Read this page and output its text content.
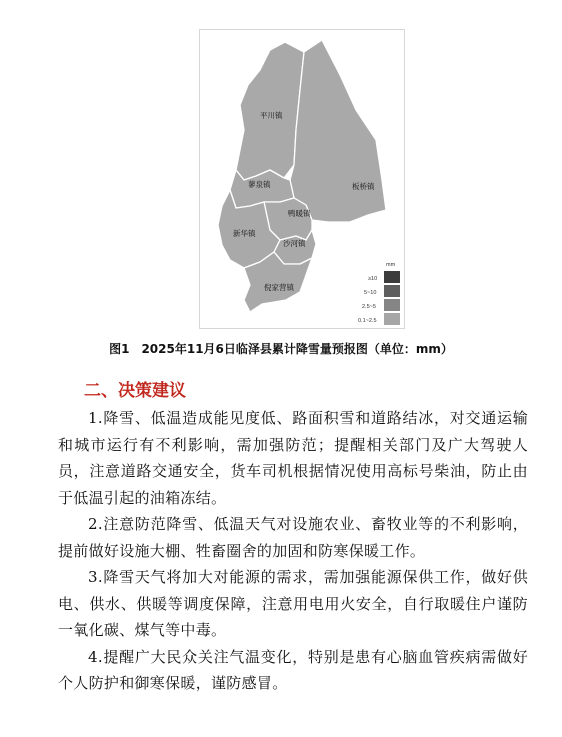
平川镇
蓼泉镇	板桥镇
鸭暖镇
新华镇
沙河镇
倪家营镇
mm
≥10
5~10
2.5~5
0.1~2.5
图1　2025年11月6日临泽县累计降雪量预报图（单位：mm）
二、决策建议

1.降雪、低温造成能见度低、路面积雪和道路结冰，对交通运输和城市运行有不利影响，需加强防范；提醒相关部门及广大驾驶人员，注意道路交通安全，货车司机根据情况使用高标号柴油，防止由于低温引起的油箱冻结。

2.注意防范降雪、低温天气对设施农业、畜牧业等的不利影响，提前做好设施大棚、牲畜圈舍的加固和防寒保暖工作。

3.降雪天气将加大对能源的需求，需加强能源保供工作，做好供电、供水、供暖等调度保障，注意用电用火安全，自行取暖住户谨防一氧化碳、煤气等中毒。

4.提醒广大民众关注气温变化，特别是患有心脑血管疾病需做好个人防护和御寒保暖，谨防感冒。
